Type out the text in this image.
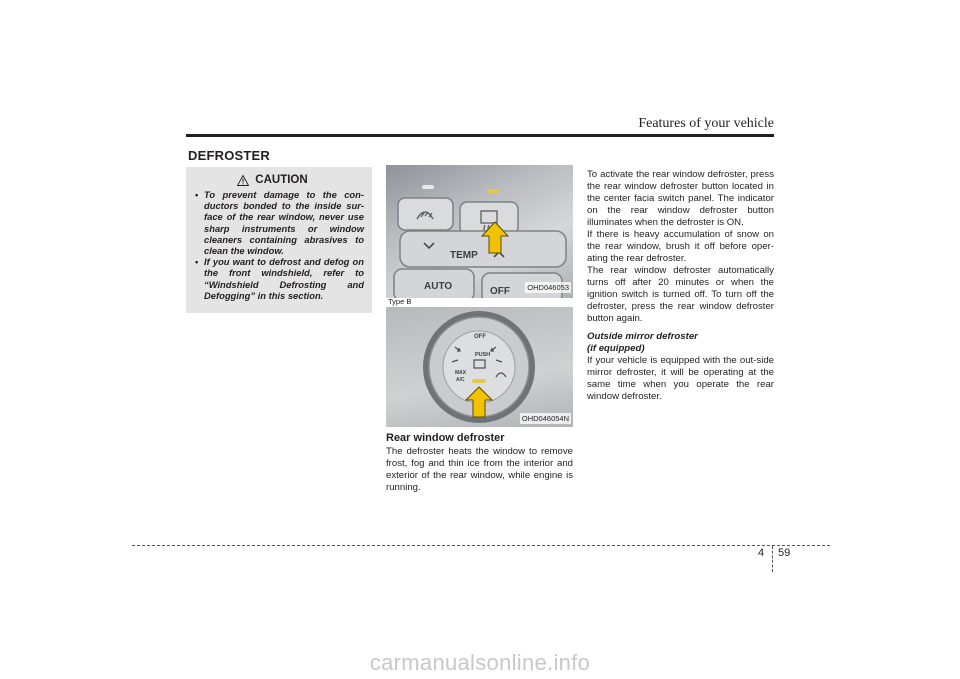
Features of your vehicle
DEFROSTER
CAUTION
• To prevent damage to the con-ductors bonded to the inside sur-face of the rear window, never use sharp instruments or window cleaners containing abrasives to clean the window.
• If you want to defrost and defog on the front windshield, refer to “Windshield Defrosting and Defogging” in this section.
TEMP
AUTO	OFF OHD046053
Type B
OFF
PUSH
MAX
A/C
OHD046054N
Rear window defroster

The defroster heats the window to remove frost, fog and thin ice from the interior and exterior of the rear window, while engine is running.

To activate the rear window defroster, press the rear window defroster button located in the center facia switch panel. The indicator on the rear window defroster button illuminates when the defroster is ON.

If there is heavy accumulation of snow on the rear window, brush it off before oper-ating the rear defroster.

The rear window defroster automatically turns off after 20 minutes or when the ignition switch is turned off. To turn off the defroster, press the rear window defroster button again.

Outside mirror defroster
(if equipped)

If your vehicle is equipped with the out-side mirror defroster, it will be operating at the same time when you operate the rear window defroster.

4 59
carmanualsonline.info
